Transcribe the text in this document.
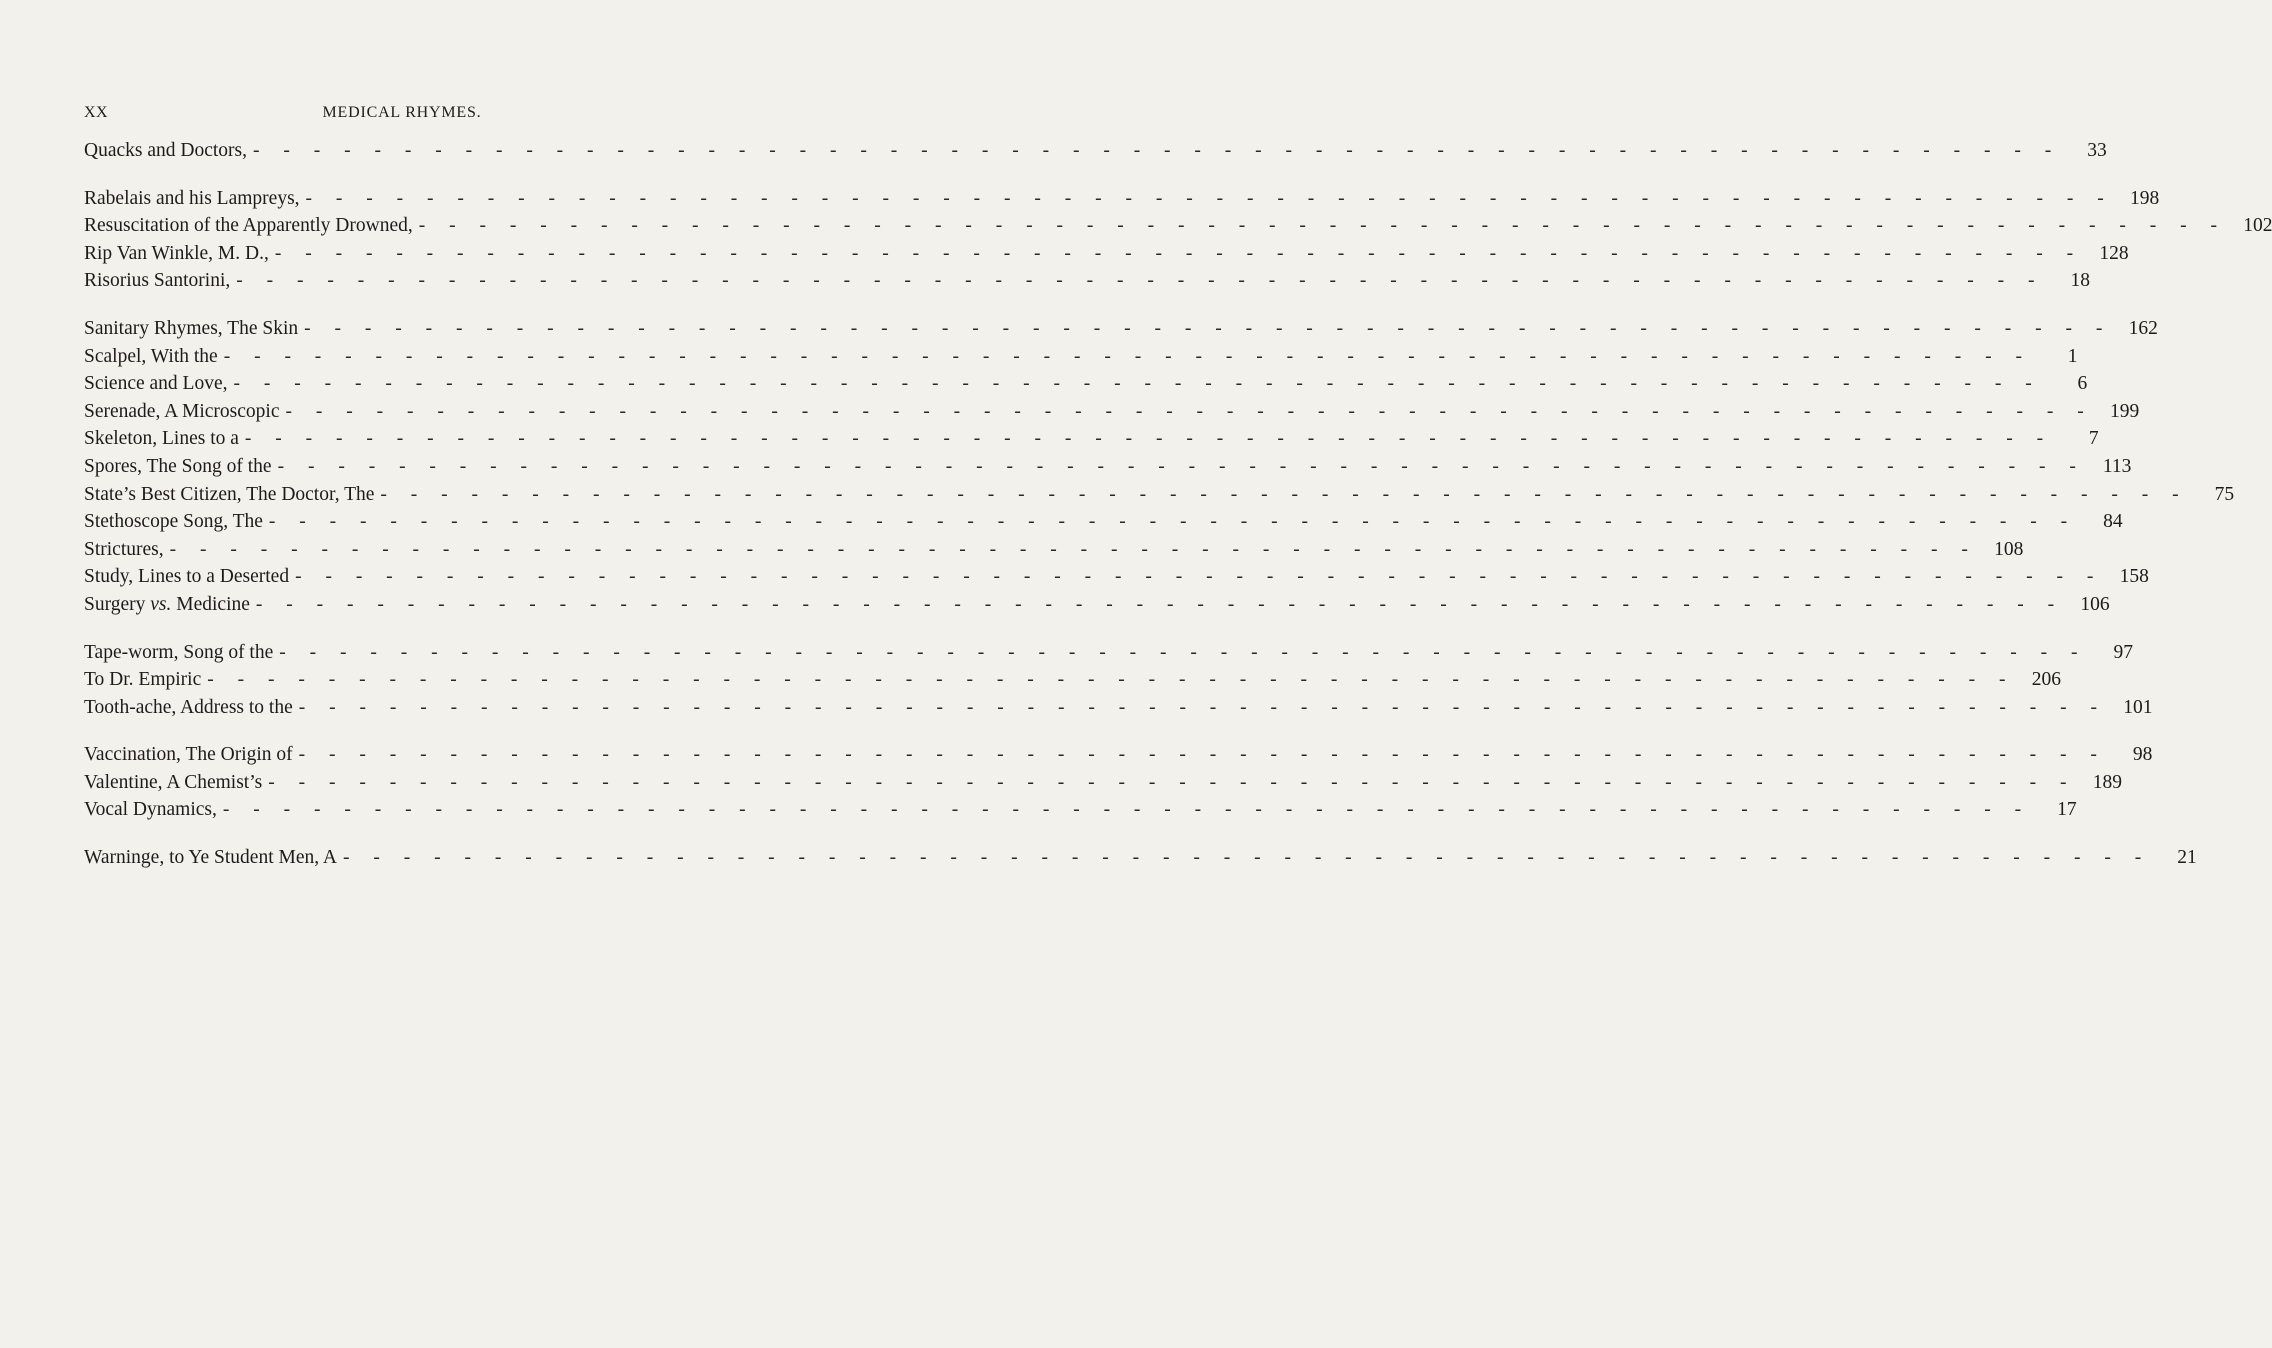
XX	MEDICAL RHYMES.
Quacks and Doctors, - - - - - - - - - - - - - - - - - - - - - - - - - - - - - - - - - - - - - - - - - - - - - - - - - - - - - - - - - - - -	33
Rabelais and his Lampreys, - - - - - - - - - - - - - - - - - - - - - - - - - - - - - - - - - - - - - - - - - - - - - - - - - - - - - - - - - - - - 198
Resuscitation of the Apparently Drowned, - - - - - - - - - - - - - - - - - - - - - - - - - - - - - - - - - - - - - - - - - - - - - - - - - - - - - - - - - - - - 102
Rip Van Winkle, M. D., - - - - - - - - - - - - - - - - - - - - - - - - - - - - - - - - - - - - - - - - - - - - - - - - - - - - - - - - - - - - 128
Risorius Santorini, - - - - - - - - - - - - - - - - - - - - - - - - - - - - - - - - - - - - - - - - - - - - - - - - - - - - - - - - - - - -	18
Sanitary Rhymes, The Skin - - - - - - - - - - - - - - - - - - - - - - - - - - - - - - - - - - - - - - - - - - - - - - - - - - - - - - - - - - - - 162
Scalpel, With the - - - - - - - - - - - - - - - - - - - - - - - - - - - - - - - - - - - - - - - - - - - - - - - - - - - - - - - - - - - -	1
Science and Love, - - - - - - - - - - - - - - - - - - - - - - - - - - - - - - - - - - - - - - - - - - - - - - - - - - - - - - - - - - - -	6
Serenade, A Microscopic - - - - - - - - - - - - - - - - - - - - - - - - - - - - - - - - - - - - - - - - - - - - - - - - - - - - - - - - - - - - 199
Skeleton, Lines to a - - - - - - - - - - - - - - - - - - - - - - - - - - - - - - - - - - - - - - - - - - - - - - - - - - - - - - - - - - - -	7
Spores, The Song of the - - - - - - - - - - - - - - - - - - - - - - - - - - - - - - - - - - - - - - - - - - - - - - - - - - - - - - - - - - - - 113
State’s Best Citizen, The Doctor, The - - - - - - - - - - - - - - - - - - - - - - - - - - - - - - - - - - - - - - - - - - - - - - - - - - - - - - - - - - - -	75
Stethoscope Song, The - - - - - - - - - - - - - - - - - - - - - - - - - - - - - - - - - - - - - - - - - - - - - - - - - - - - - - - - - - - -	84
Strictures, - - - - - - - - - - - - - - - - - - - - - - - - - - - - - - - - - - - - - - - - - - - - - - - - - - - - - - - - - - - - 108
Study, Lines to a Deserted - - - - - - - - - - - - - - - - - - - - - - - - - - - - - - - - - - - - - - - - - - - - - - - - - - - - - - - - - - - - 158
Surgery vs. Medicine - - - - - - - - - - - - - - - - - - - - - - - - - - - - - - - - - - - - - - - - - - - - - - - - - - - - - - - - - - - - 106
Tape-worm, Song of the - - - - - - - - - - - - - - - - - - - - - - - - - - - - - - - - - - - - - - - - - - - - - - - - - - - - - - - - - - - -	97
To Dr. Empiric - - - - - - - - - - - - - - - - - - - - - - - - - - - - - - - - - - - - - - - - - - - - - - - - - - - - - - - - - - - - 206
Tooth-ache, Address to the - - - - - - - - - - - - - - - - - - - - - - - - - - - - - - - - - - - - - - - - - - - - - - - - - - - - - - - - - - - - 101
Vaccination, The Origin of - - - - - - - - - - - - - - - - - - - - - - - - - - - - - - - - - - - - - - - - - - - - - - - - - - - - - - - - - - - -	98
Valentine, A Chemist’s - - - - - - - - - - - - - - - - - - - - - - - - - - - - - - - - - - - - - - - - - - - - - - - - - - - - - - - - - - - - 189
Vocal Dynamics, - - - - - - - - - - - - - - - - - - - - - - - - - - - - - - - - - - - - - - - - - - - - - - - - - - - - - - - - - - - -	17
Warninge, to Ye Student Men, A - - - - - - - - - - - - - - - - - - - - - - - - - - - - - - - - - - - - - - - - - - - - - - - - - - - - - - - - - - - -	21
